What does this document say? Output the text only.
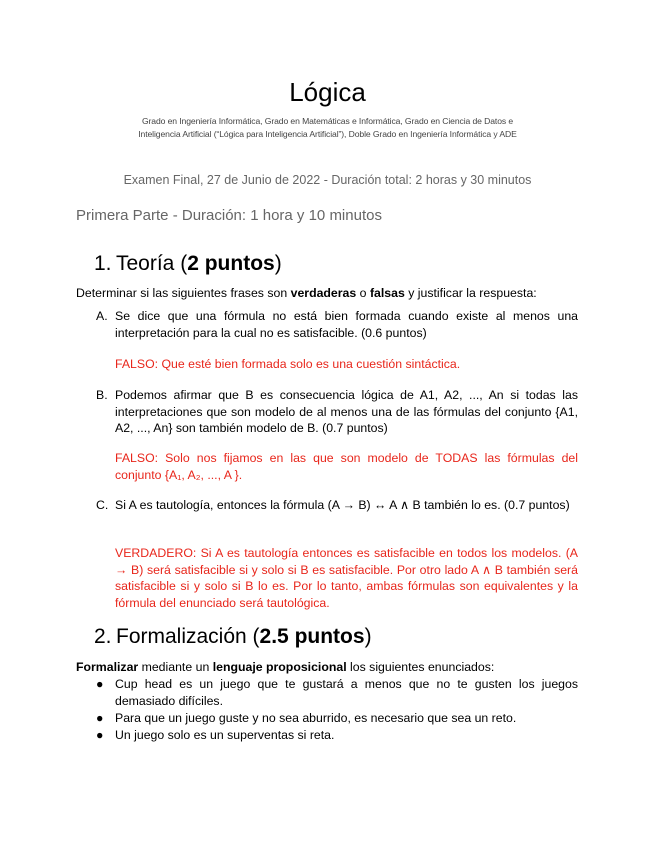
Lógica
Grado en Ingeniería Informática, Grado en Matemáticas e Informática, Grado en Ciencia de Datos e Inteligencia Artificial (“Lógica para Inteligencia Artificial”), Doble Grado en Ingeniería Informática y ADE
Examen Final, 27 de Junio de 2022 - Duración total: 2 horas y 30 minutos
Primera Parte - Duración: 1 hora y 10 minutos
1. Teoría (2 puntos)
Determinar si las siguientes frases son verdaderas o falsas y justificar la respuesta:
A. Se dice que una fórmula no está bien formada cuando existe al menos una interpretación para la cual no es satisfacible. (0.6 puntos)
FALSO: Que esté bien formada solo es una cuestión sintáctica.
B. Podemos afirmar que B es consecuencia lógica de A1, A2, ..., An si todas las interpretaciones que son modelo de al menos una de las fórmulas del conjunto {A1, A2, ..., An} son también modelo de B. (0.7 puntos)
FALSO: Solo nos fijamos en las que son modelo de TODAS las fórmulas del conjunto {A₁, A₂, ..., A }.
C. Si A es tautología, entonces la fórmula (A → B) ↔ A ∧ B también lo es. (0.7 puntos)
VERDADERO: Si A es tautología entonces es satisfacible en todos los modelos. (A → B) será satisfacible si y solo si B es satisfacible. Por otro lado A ∧ B también será satisfacible si y solo si B lo es. Por lo tanto, ambas fórmulas son equivalentes y la fórmula del enunciado será tautológica.
2. Formalización (2.5 puntos)
Formalizar mediante un lenguaje proposicional los siguientes enunciados:
● Cup head es un juego que te gustará a menos que no te gusten los juegos demasiado difíciles.
● Para que un juego guste y no sea aburrido, es necesario que sea un reto.
● Un juego solo es un superventas si reta.
